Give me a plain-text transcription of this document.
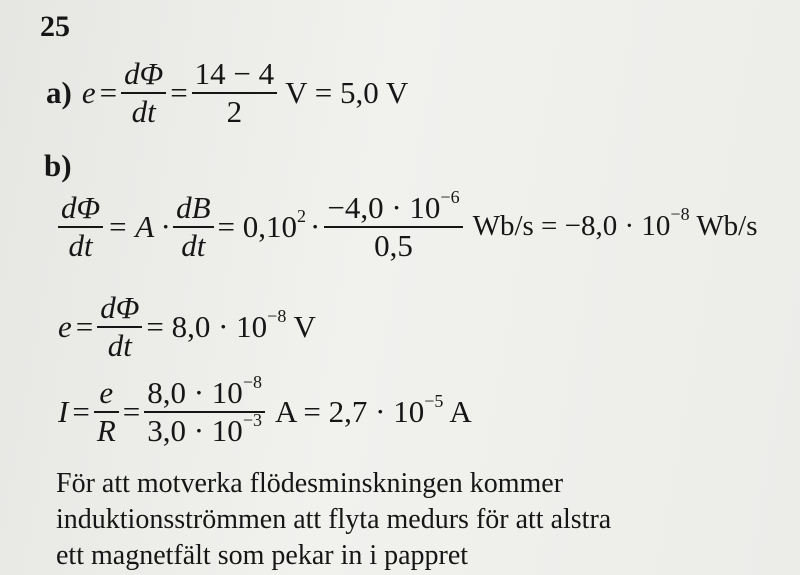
25
a) $e = \frac{d\Phi}{dt} = \frac{14 - 4}{2}$ V = 5,0 V
b)
$\frac{d\Phi}{dt} = A \cdot \frac{dB}{dt} = 0,10^2 \cdot \frac{-4,0 \cdot 10^{-6}}{0,5} Wb/s = -8,0 \cdot 10^{-8}$ Wb/s
$e = \frac{d\Phi}{dt} = 8,0 \cdot 10^{-8}$ V
$I = \frac{e}{R} = \frac{8,0 \cdot 10^{-8}}{3,0 \cdot 10^{-3}}$ $A = 2,7 \cdot 10^{-5}$ A
För att motverka flödesminskningen kommer
induktionsströmmen att flyta medurs för att alstra
ett magnetfält som pekar in i pappret
